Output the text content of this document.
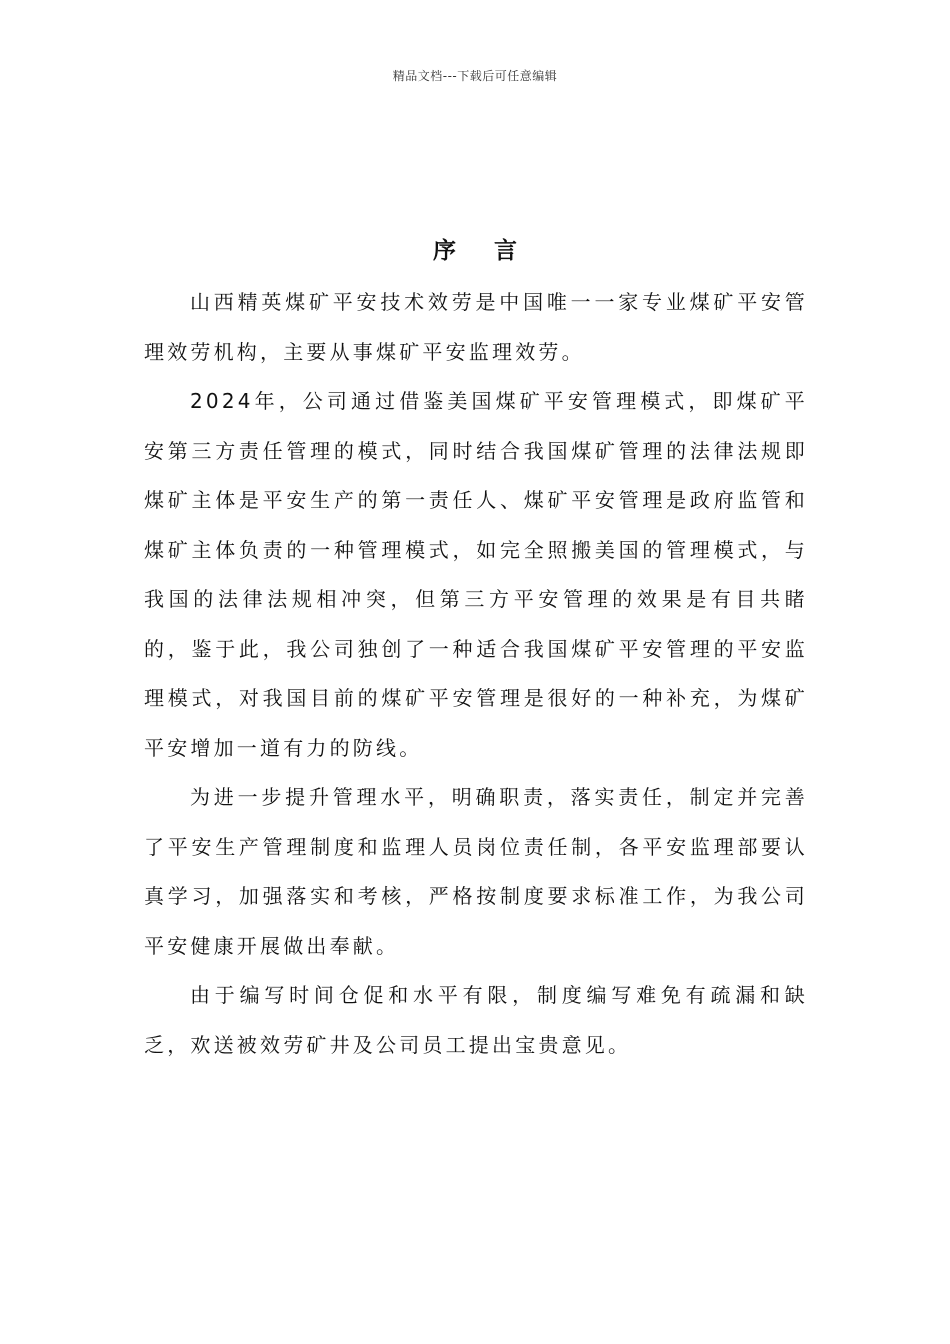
精品文档---下载后可任意编辑
序言

山西精英煤矿平安技术效劳是中国唯一一家专业煤矿平安管理效劳机构，主要从事煤矿平安监理效劳。

2024年，公司通过借鉴美国煤矿平安管理模式，即煤矿平安第三方责任管理的模式，同时结合我国煤矿管理的法律法规即煤矿主体是平安生产的第一责任人、煤矿平安管理是政府监管和煤矿主体负责的一种管理模式，如完全照搬美国的管理模式，与我国的法律法规相冲突，但第三方平安管理的效果是有目共睹的，鉴于此，我公司独创了一种适合我国煤矿平安管理的平安监理模式，对我国目前的煤矿平安管理是很好的一种补充，为煤矿平安增加一道有力的防线。

为进一步提升管理水平，明确职责，落实责任，制定并完善了平安生产管理制度和监理人员岗位责任制，各平安监理部要认真学习，加强落实和考核，严格按制度要求标准工作，为我公司平安健康开展做出奉献。

由于编写时间仓促和水平有限，制度编写难免有疏漏和缺乏，欢送被效劳矿井及公司员工提出宝贵意见。
